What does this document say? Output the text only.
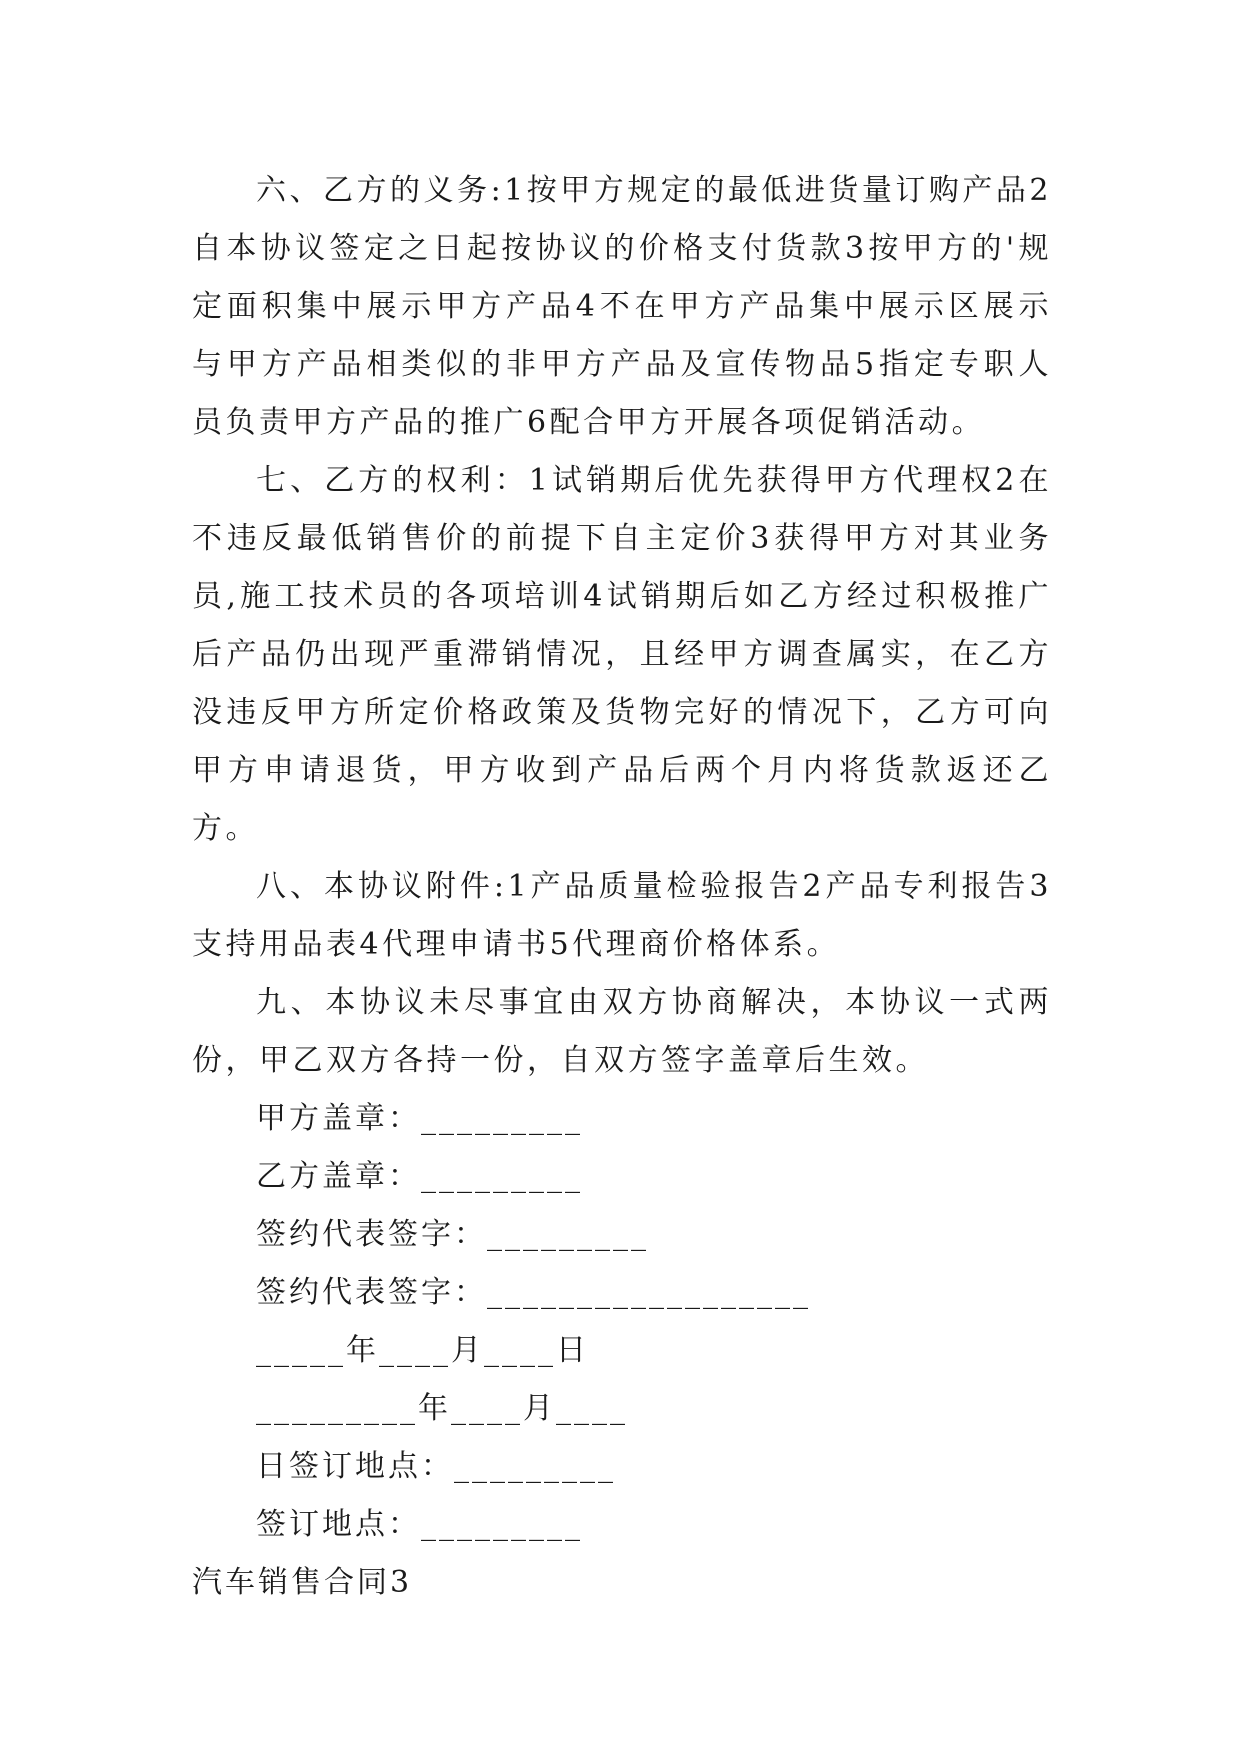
六、乙方的义务:1按甲方规定的最低进货量订购产品2自本协议签定之日起按协议的价格支付货款3按甲方的'规定面积集中展示甲方产品4不在甲方产品集中展示区展示与甲方产品相类似的非甲方产品及宣传物品5指定专职人员负责甲方产品的推广6配合甲方开展各项促销活动。

七、乙方的权利：1试销期后优先获得甲方代理权2在不违反最低销售价的前提下自主定价3获得甲方对其业务员,施工技术员的各项培训4试销期后如乙方经过积极推广后产品仍出现严重滞销情况，且经甲方调查属实，在乙方没违反甲方所定价格政策及货物完好的情况下，乙方可向甲方申请退货，甲方收到产品后两个月内将货款返还乙方。

八、本协议附件:1产品质量检验报告2产品专利报告3支持用品表4代理申请书5代理商价格体系。

九、本协议未尽事宜由双方协商解决，本协议一式两份，甲乙双方各持一份，自双方签字盖章后生效。

甲方盖章：_________

乙方盖章：_________

签约代表签字：_________

签约代表签字：__________________

_____年____月____日

_________年____月____

日签订地点：_________

签订地点：_________

汽车销售合同3
